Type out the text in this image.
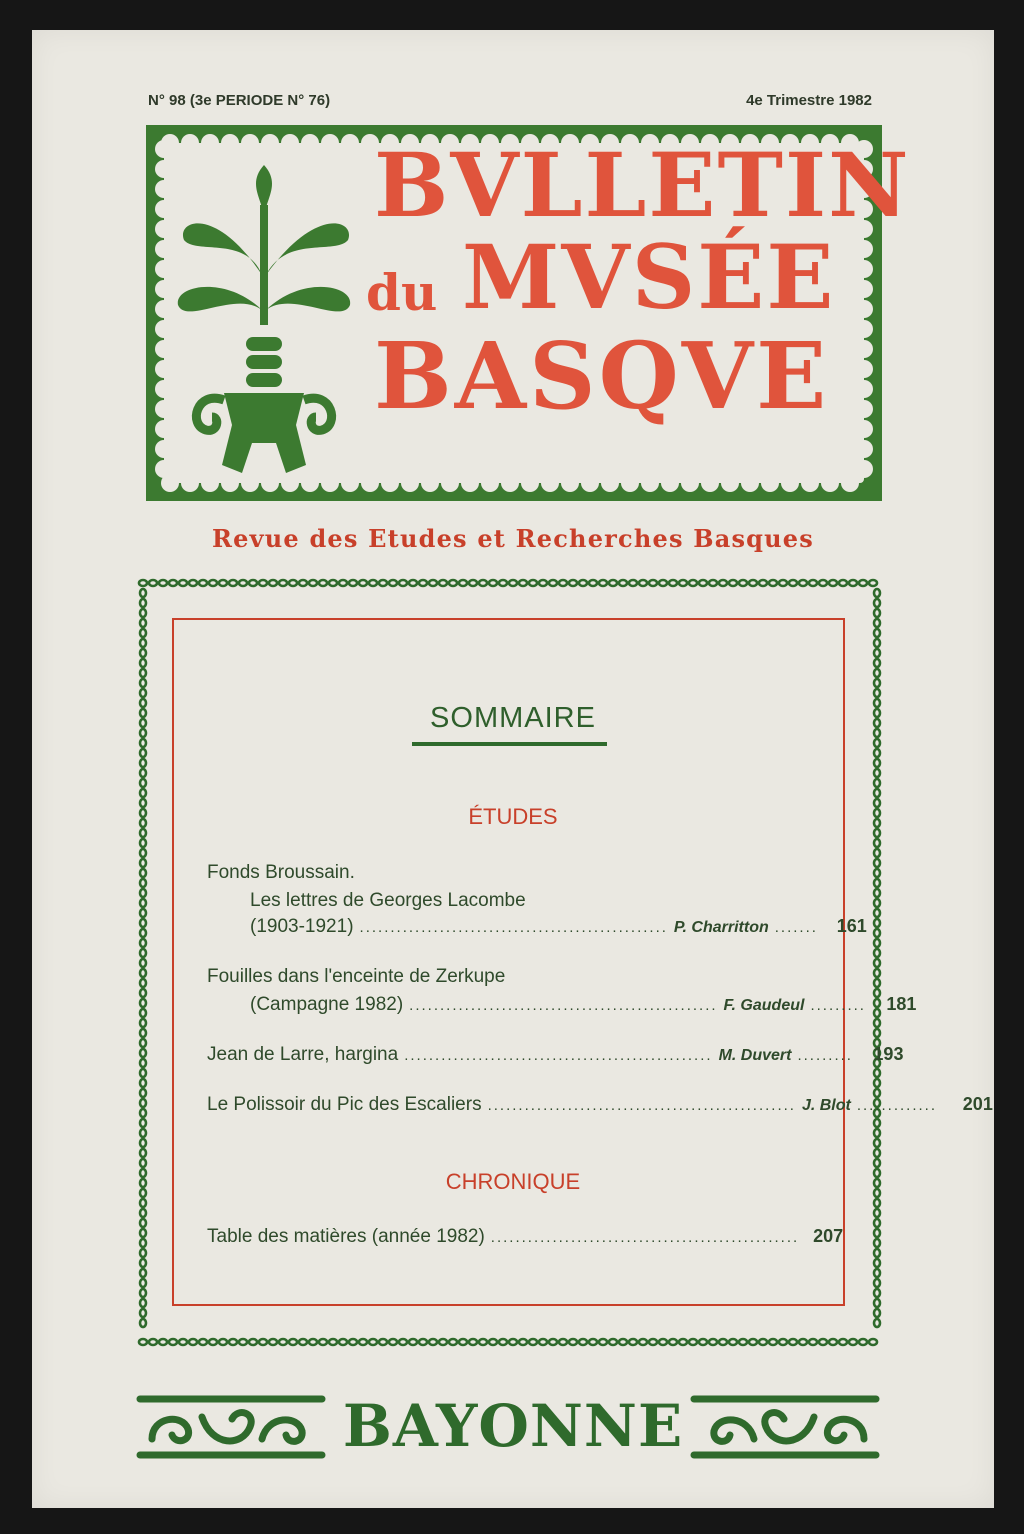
N° 98 (3e PERIODE N° 76)	4e Trimestre 1982
BVLLETIN
du MVSÉE
BASQVE
Revue des Etudes et Recherches Basques
SOMMAIRE
ÉTUDES
Fonds Broussain.
Les lettres de Georges Lacombe
(1903-1921) .................................................. P. Charritton .......	161
Fouilles dans l'enceinte de Zerkupe
(Campagne 1982) .................................................. F. Gaudeul .........	181
Jean de Larre, hargina .................................................. M. Duvert .........	193
Le Polissoir du Pic des Escaliers .................................................. J. Blot .............	201
CHRONIQUE
Table des matières (année 1982) .................................................. 207
BAYONNE
